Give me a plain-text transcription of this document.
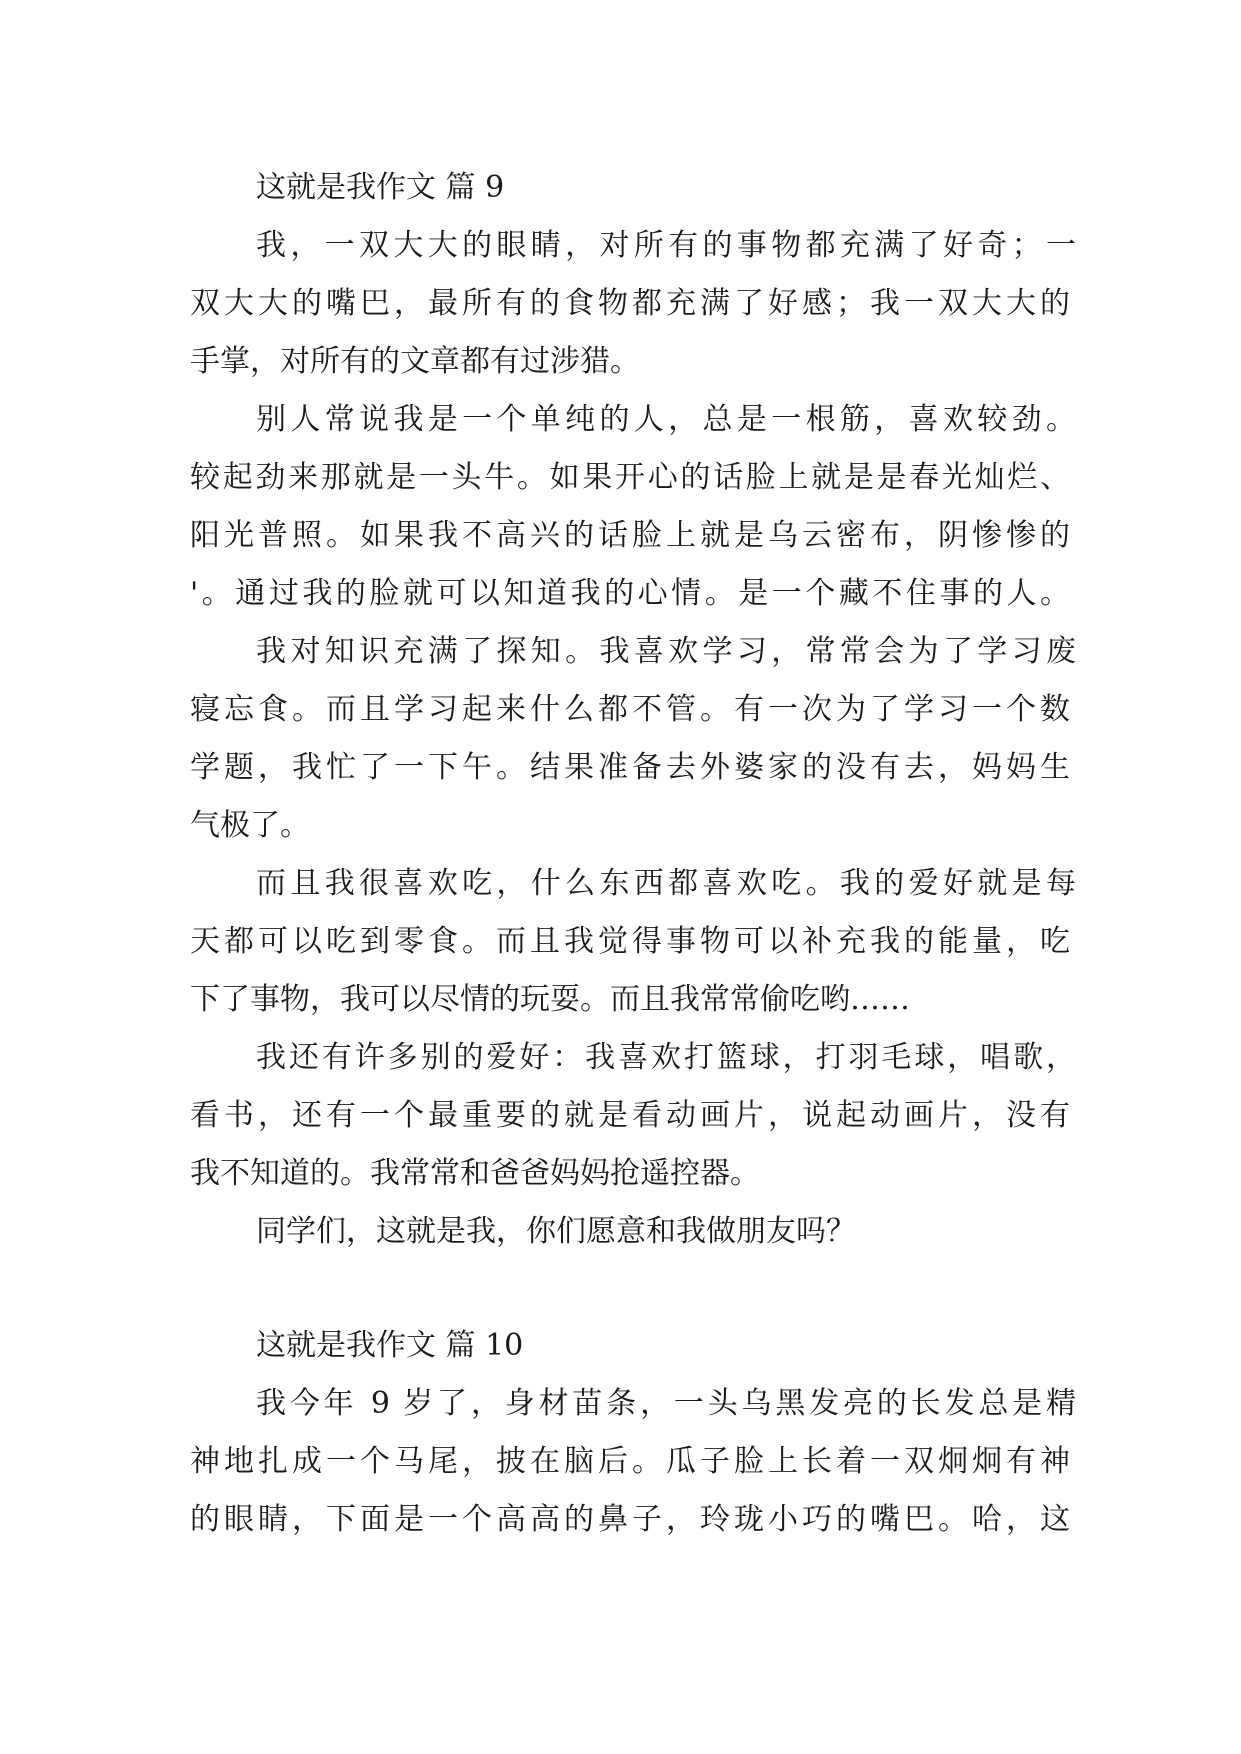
这就是我作文 篇 9
我，一双大大的眼睛，对所有的事物都充满了好奇；一
双大大的嘴巴，最所有的食物都充满了好感；我一双大大的
手掌，对所有的文章都有过涉猎。
别人常说我是一个单纯的人，总是一根筋，喜欢较劲。
较起劲来那就是一头牛。如果开心的话脸上就是是春光灿烂、
阳光普照。如果我不高兴的话脸上就是乌云密布，阴惨惨的
'。通过我的脸就可以知道我的心情。是一个藏不住事的人。
我对知识充满了探知。我喜欢学习，常常会为了学习废
寝忘食。而且学习起来什么都不管。有一次为了学习一个数
学题，我忙了一下午。结果准备去外婆家的没有去，妈妈生
气极了。
而且我很喜欢吃，什么东西都喜欢吃。我的爱好就是每
天都可以吃到零食。而且我觉得事物可以补充我的能量，吃
下了事物，我可以尽情的玩耍。而且我常常偷吃哟……
我还有许多别的爱好：我喜欢打篮球，打羽毛球，唱歌，
看书，还有一个最重要的就是看动画片，说起动画片，没有
我不知道的。我常常和爸爸妈妈抢遥控器。
同学们，这就是我，你们愿意和我做朋友吗？
这就是我作文 篇 10
我今年 9 岁了，身材苗条，一头乌黑发亮的长发总是精
神地扎成一个马尾，披在脑后。瓜子脸上长着一双炯炯有神
的眼睛，下面是一个高高的鼻子，玲珑小巧的嘴巴。哈，这
